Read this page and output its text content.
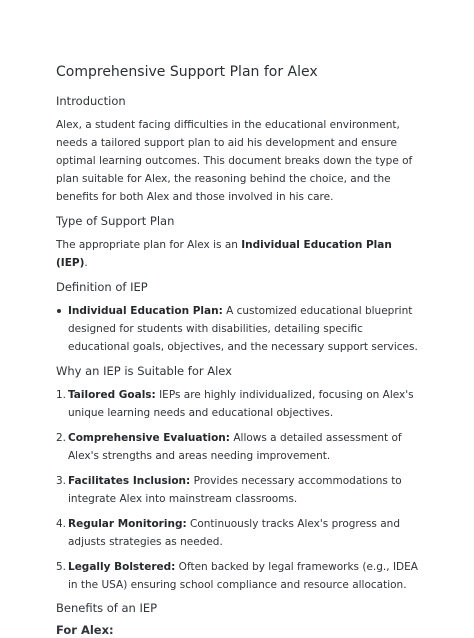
Comprehensive Support Plan for Alex
Introduction

Alex, a student facing difficulties in the educational environment, needs a tailored support plan to aid his development and ensure optimal learning outcomes. This document breaks down the type of plan suitable for Alex, the reasoning behind the choice, and the benefits for both Alex and those involved in his care.

Type of Support Plan

The appropriate plan for Alex is an Individual Education Plan (IEP).

Definition of IEP
Individual Education Plan: A customized educational blueprint designed for students with disabilities, detailing specific educational goals, objectives, and the necessary support services.
Why an IEP is Suitable for Alex
1. Tailored Goals: IEPs are highly individualized, focusing on Alex's unique learning needs and educational objectives.
2. Comprehensive Evaluation: Allows a detailed assessment of Alex's strengths and areas needing improvement.
3. Facilitates Inclusion: Provides necessary accommodations to integrate Alex into mainstream classrooms.
4. Regular Monitoring: Continuously tracks Alex's progress and adjusts strategies as needed.
5. Legally Bolstered: Often backed by legal frameworks (e.g., IDEA in the USA) ensuring school compliance and resource allocation.
Benefits of an IEP
For Alex:
